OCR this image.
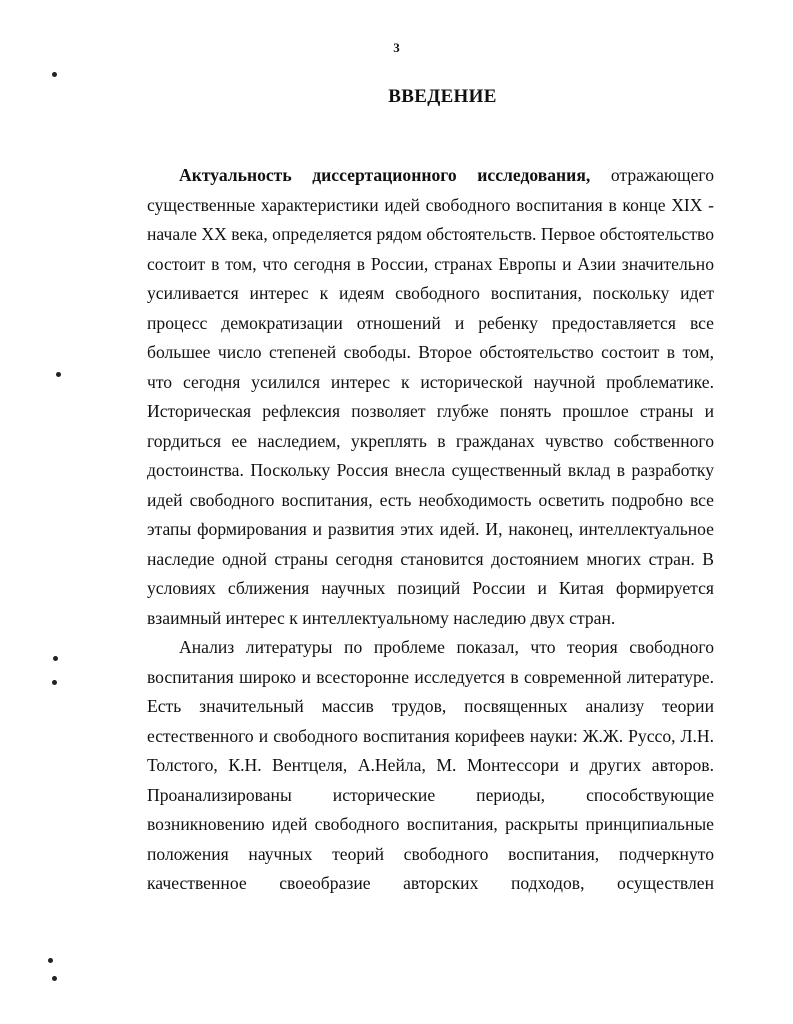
3
ВВЕДЕНИЕ
Актуальность диссертационного исследования, отражающего
существенные характеристики идей свободного воспитания в конце XIX -
начале XX века, определяется рядом обстоятельств. Первое обстоятельство
состоит в том, что сегодня в России, странах Европы и Азии значительно
усиливается интерес к идеям свободного воспитания, поскольку идет
процесс демократизации отношений и ребенку предоставляется все
большее число степеней свободы. Второе обстоятельство состоит в том,
что сегодня усилился интерес к исторической научной проблематике.
Историческая рефлексия позволяет глубже понять прошлое страны и
гордиться ее наследием, укреплять в гражданах чувство собственного
достоинства. Поскольку Россия внесла существенный вклад в разработку
идей свободного воспитания, есть необходимость осветить подробно все
этапы формирования и развития этих идей. И, наконец, интеллектуальное
наследие одной страны сегодня становится достоянием многих стран. В
условиях сближения научных позиций России и Китая формируется
взаимный интерес к интеллектуальному наследию двух стран.
Анализ литературы по проблеме показал, что теория свободного
воспитания широко и всесторонне исследуется в современной литературе.
Есть значительный массив трудов, посвященных анализу теории
естественного и свободного воспитания корифеев науки: Ж.Ж. Руссо, Л.Н.
Толстого, К.Н. Вентцеля, А.Нейла, М. Монтессори и других авторов.
Проанализированы исторические периоды, способствующие
возникновению идей свободного воспитания, раскрыты принципиальные
положения научных теорий свободного воспитания, подчеркнуто
качественное своеобразие авторских подходов, осуществлен
